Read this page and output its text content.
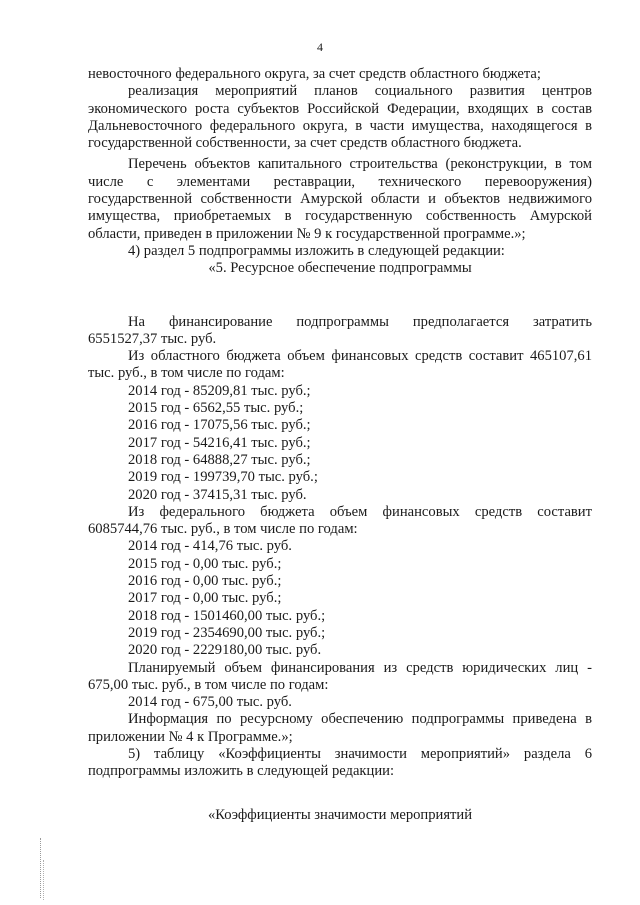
4

невосточного федерального округа, за счет средств областного бюджета;

реализация мероприятий планов социального развития центров экономического роста субъектов Российской Федерации, входящих в состав Дальневосточного федерального округа, в части имущества, находящегося в государственной собственности, за счет средств областного бюджета.

Перечень объектов капитального строительства (реконструкции, в том числе с элементами реставрации, технического перевооружения) государственной собственности Амурской области и объектов недвижимого имущества, приобретаемых в государственную собственность Амурской области, приведен в приложении № 9 к государственной программе.»;

4) раздел 5 подпрограммы изложить в следующей редакции:

«5. Ресурсное обеспечение подпрограммы

На финансирование подпрограммы предполагается затратить
6551527,37 тыс. руб.

Из областного бюджета объем финансовых средств составит 465107,61 тыс. руб., в том числе по годам:

2014 год - 85209,81 тыс. руб.;
2015 год - 6562,55 тыс. руб.;
2016 год - 17075,56 тыс. руб.;
2017 год - 54216,41 тыс. руб.;
2018 год - 64888,27 тыс. руб.;
2019 год - 199739,70 тыс. руб.;
2020 год - 37415,31 тыс. руб.

Из федерального бюджета объем финансовых средств составит 6085744,76 тыс. руб., в том числе по годам:

2014 год - 414,76 тыс. руб.
2015 год - 0,00 тыс. руб.;
2016 год - 0,00 тыс. руб.;
2017 год - 0,00 тыс. руб.;
2018 год - 1501460,00 тыс. руб.;
2019 год - 2354690,00 тыс. руб.;
2020 год - 2229180,00 тыс. руб.

Планируемый объем финансирования из средств юридических лиц - 675,00 тыс. руб., в том числе по годам:

2014 год - 675,00 тыс. руб.

Информация по ресурсному обеспечению подпрограммы приведена в приложении № 4 к Программе.»;

5) таблицу «Коэффициенты значимости мероприятий» раздела 6 подпрограммы изложить в следующей редакции:

«Коэффициенты значимости мероприятий
